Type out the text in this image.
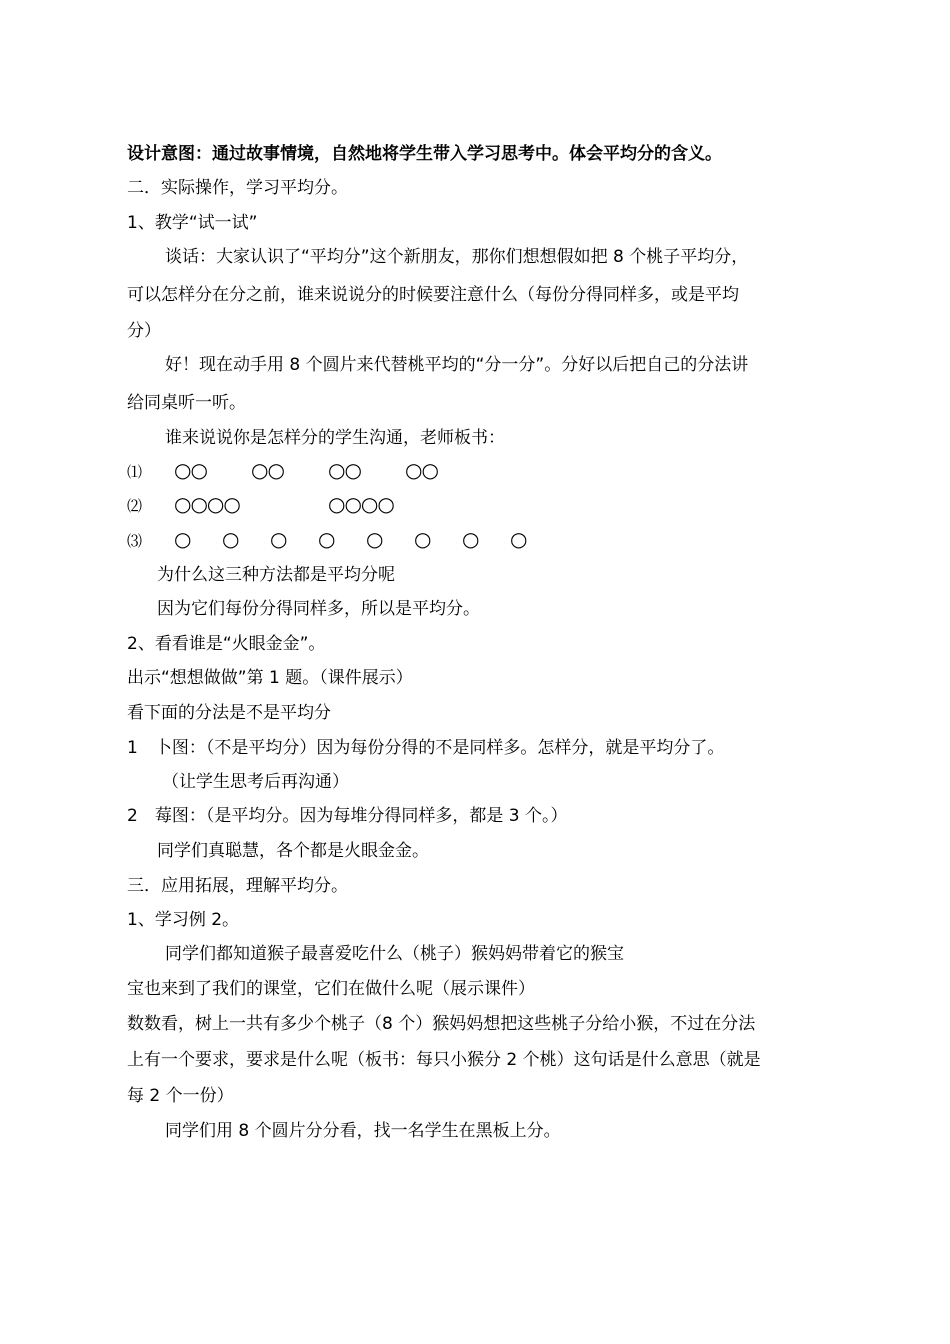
设计意图：通过故事情境，自然地将学生带入学习思考中。体会平均分的含义。
二．实际操作，学习平均分。
1、教学“试一试”
谈话：大家认识了“平均分”这个新朋友，那你们想想假如把 8 个桃子平均分，
可以怎样分在分之前，谁来说说分的时候要注意什么（每份分得同样多，或是平均
分）
好！现在动手用 8 个圆片来代替桃平均的“分一分”。分好以后把自己的分法讲
给同桌听一听。
谁来说说你是怎样分的学生沟通，老师板书：
⑴ ○○ ○○ ○○ ○○
⑵ ○○○○	○○○○
⑶ ○ ○ ○ ○ ○ ○ ○ ○
为什么这三种方法都是平均分呢
因为它们每份分得同样多，所以是平均分。
2、看看谁是“火眼金金”。
出示“想想做做”第 1 题。（课件展示）
看下面的分法是不是平均分
1　卜图：（不是平均分）因为每份分得的不是同样多。怎样分，就是平均分了。
（让学生思考后再沟通）
2　莓图：（是平均分。因为每堆分得同样多，都是 3 个。）
同学们真聪慧，各个都是火眼金金。
三．应用拓展，理解平均分。
1、学习例 2。
同学们都知道猴子最喜爱吃什么（桃子）猴妈妈带着它的猴宝
宝也来到了我们的课堂，它们在做什么呢（展示课件）
数数看，树上一共有多少个桃子（8 个）猴妈妈想把这些桃子分给小猴，不过在分法
上有一个要求，要求是什么呢（板书：每只小猴分 2 个桃）这句话是什么意思（就是
每 2 个一份）
同学们用 8 个圆片分分看，找一名学生在黑板上分。
